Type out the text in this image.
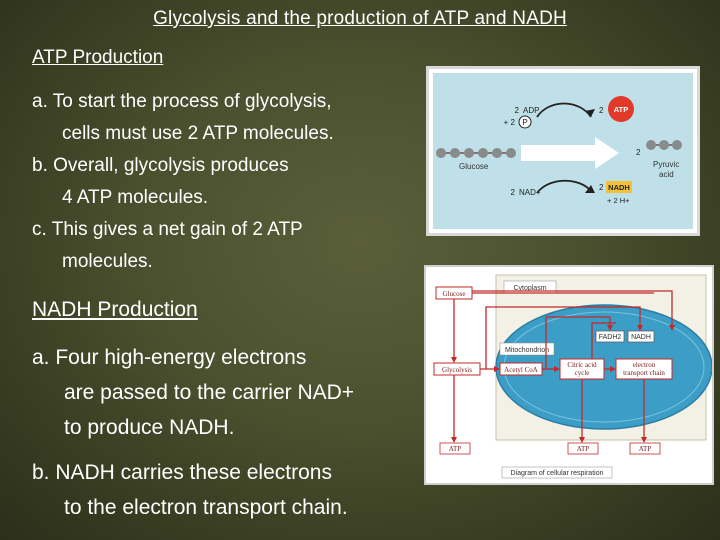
Glycolysis and the production of ATP and NADH
ATP Production
a. To start the process of glycolysis,
cells must use 2 ATP molecules.
b. Overall, glycolysis produces
4 ATP molecules.
c. This gives a net gain of 2 ATP
molecules.
NADH Production
a. Four high-energy electrons
are passed to the carrier NAD+
to produce NADH.
b. NADH carries these electrons
to the electron transport chain.
Glucose
2 ADP
+ 2 P
2 ATP
2 NAD+
2 NADH
+ 2 H+
2
Pyruvic
acid
Glucose
Cytoplasm
Mitochondrion
FADH2 NADH
Glycolysis	Acetyl CoA
Citric acid
cycle
electron
transport chain
ATP	ATP	ATP
Diagram of cellular respiration
